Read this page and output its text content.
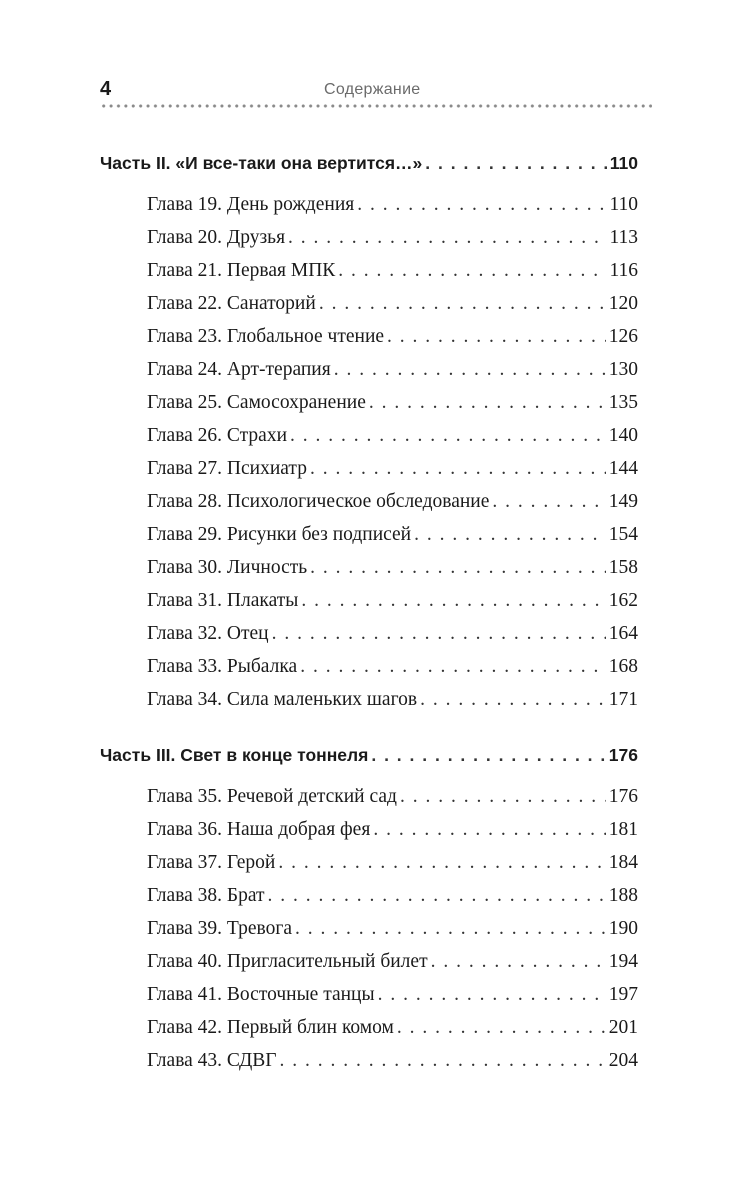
4	Содержание
Часть II. «И все-таки она вертится…» . . .	110
Глава 19. День рождения . . .	110
Глава 20. Друзья . . .	113
Глава 21. Первая МПК . . .	116
Глава 22. Санаторий . . .	120
Глава 23. Глобальное чтение . . .	126
Глава 24. Арт-терапия . . .	130
Глава 25. Самосохранение . . .	135
Глава 26. Страхи . . .	140
Глава 27. Психиатр . . .	144
Глава 28. Психологическое обследование . . .	149
Глава 29. Рисунки без подписей . . .	154
Глава 30. Личность . . .	158
Глава 31. Плакаты . . .	162
Глава 32. Отец . . .	164
Глава 33. Рыбалка . . .	168
Глава 34. Сила маленьких шагов . . .	171
Часть III. Свет в конце тоннеля . . .	176
Глава 35. Речевой детский сад . . .	176
Глава 36. Наша добрая фея . . .	181
Глава 37. Герой . . .	184
Глава 38. Брат . . .	188
Глава 39. Тревога . . .	190
Глава 40. Пригласительный билет . . .	194
Глава 41. Восточные танцы . . .	197
Глава 42. Первый блин комом . . .	201
Глава 43. СДВГ . . .	204
